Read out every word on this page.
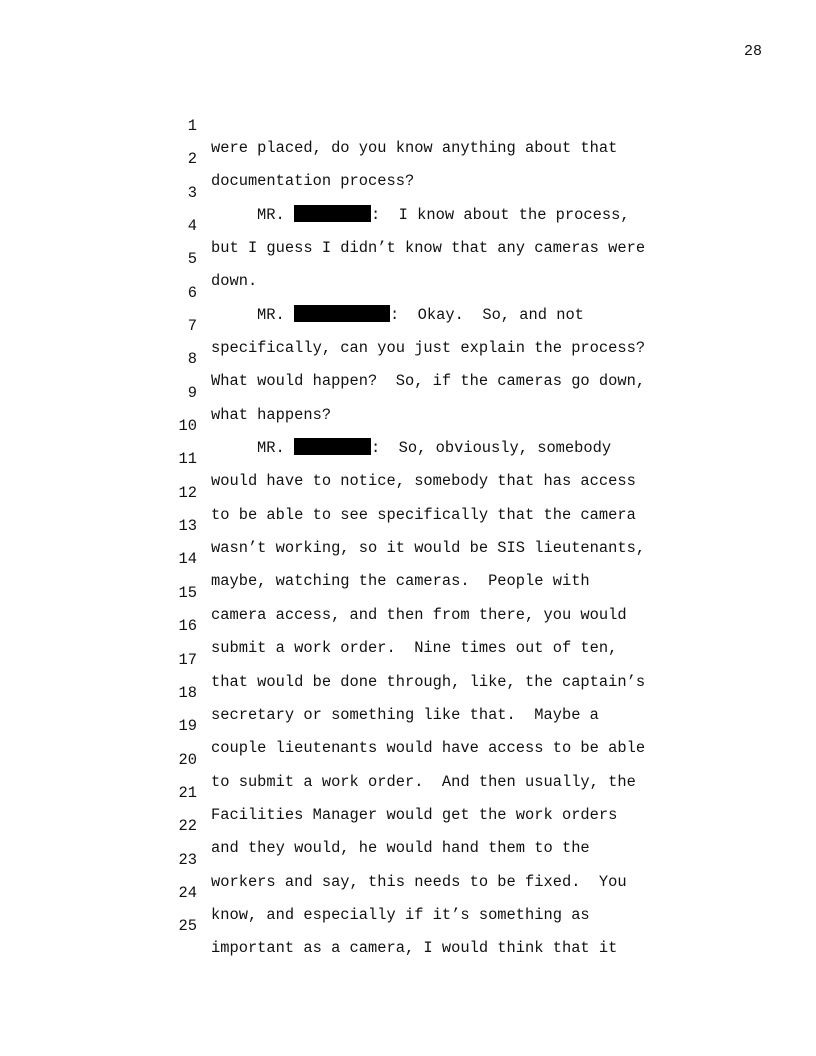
28

1

were placed, do you know anything about that

2

documentation process?

3

MR.	:  I know about the process,

4

but I guess I didn’t know that any cameras were

5

down.

6

MR.	:  Okay.  So, and not

7

specifically, can you just explain the process?

8

What would happen?  So, if the cameras go down,

9

what happens?

10

MR.	:  So, obviously, somebody

11

would have to notice, somebody that has access

12

to be able to see specifically that the camera

13

wasn’t working, so it would be SIS lieutenants,

14

maybe, watching the cameras.  People with

15

camera access, and then from there, you would

16

submit a work order.  Nine times out of ten,

17

that would be done through, like, the captain’s

18

secretary or something like that.  Maybe a

19

couple lieutenants would have access to be able

20

to submit a work order.  And then usually, the

21

Facilities Manager would get the work orders

22

and they would, he would hand them to the

23

workers and say, this needs to be fixed.  You

24

know, and especially if it’s something as

25

important as a camera, I would think that it
